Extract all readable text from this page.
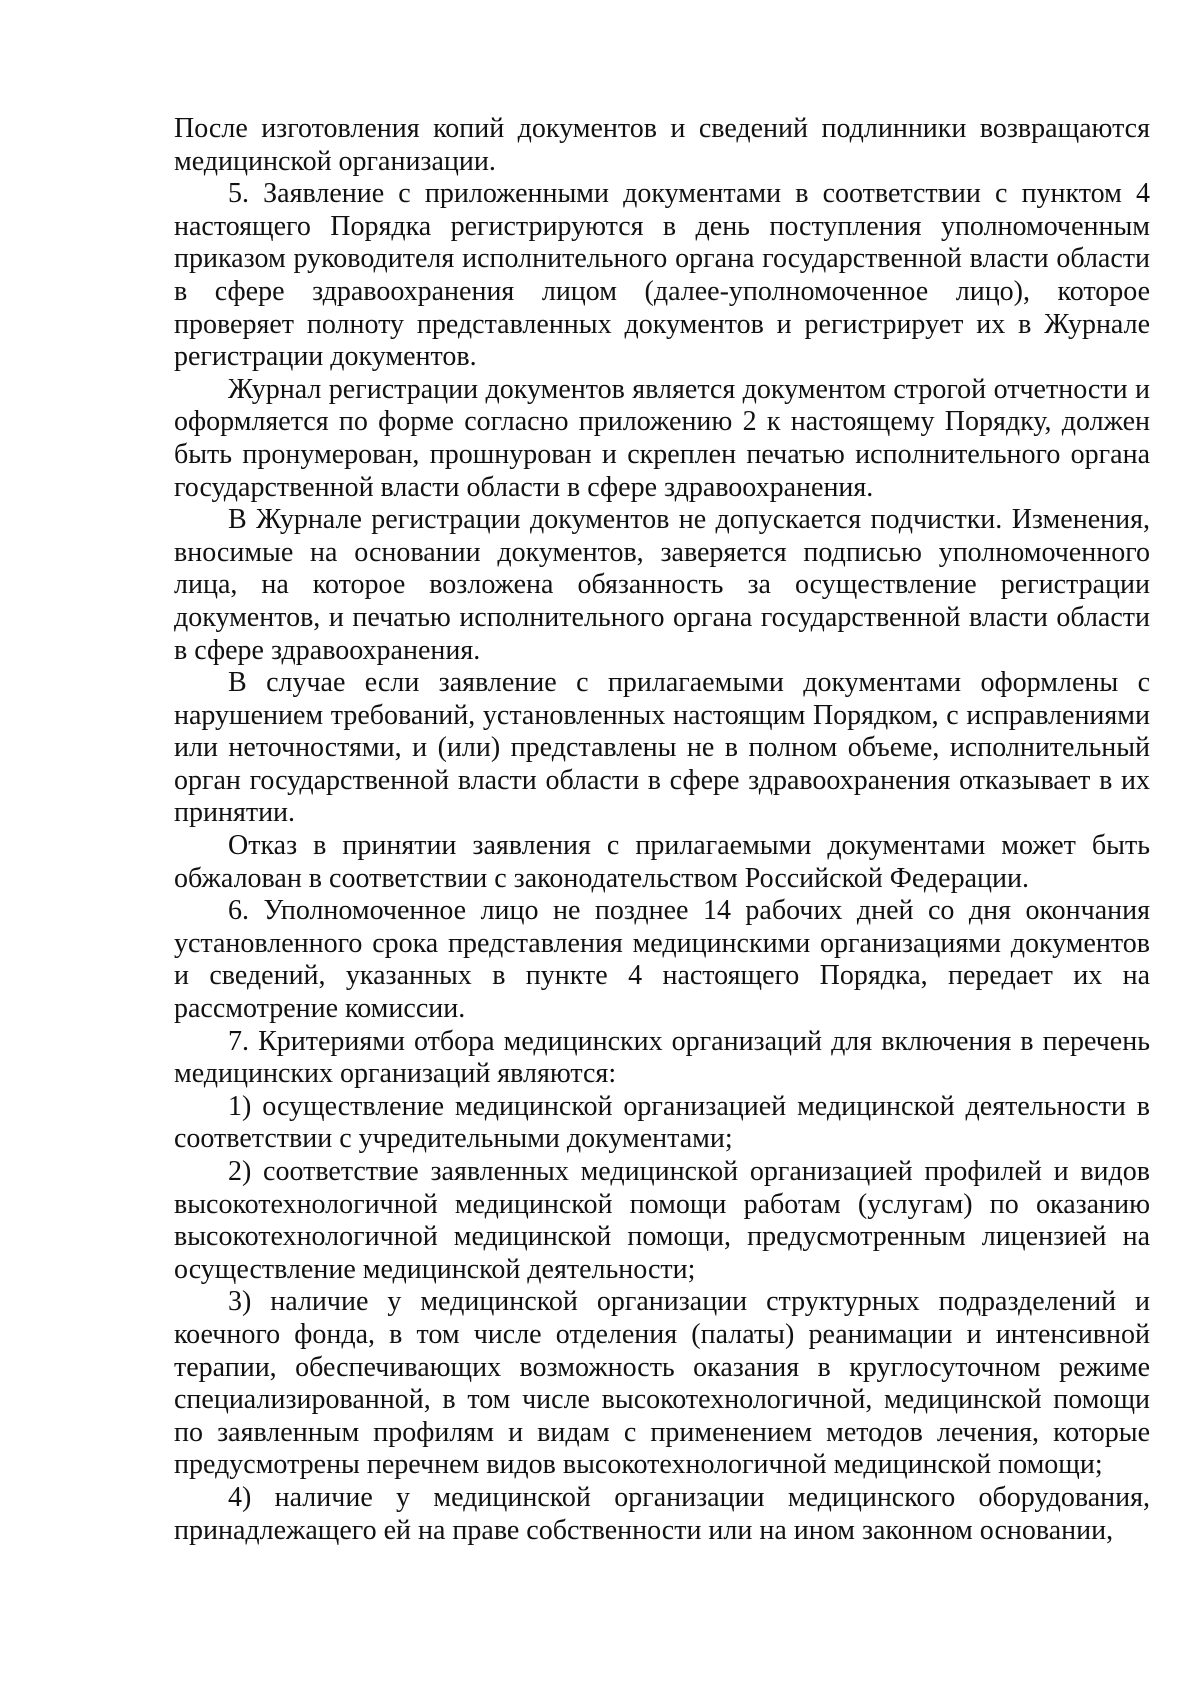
После изготовления копий документов и сведений подлинники возвращаются медицинской организации.

5. Заявление с приложенными документами в соответствии с пунктом 4 настоящего Порядка регистрируются в день поступления уполномоченным приказом руководителя исполнительного органа государственной власти области в сфере здравоохранения лицом (далее-уполномоченное лицо), которое проверяет полноту представленных документов и регистрирует их в Журнале регистрации документов.

Журнал регистрации документов является документом строгой отчетности и оформляется по форме согласно приложению 2 к настоящему Порядку, должен быть пронумерован, прошнурован и скреплен печатью исполнительного органа государственной власти области в сфере здравоохранения.

В Журнале регистрации документов не допускается подчистки. Изменения, вносимые на основании документов, заверяется подписью уполномоченного лица, на которое возложена обязанность за осуществление регистрации документов, и печатью исполнительного органа государственной власти области в сфере здравоохранения.

В случае если заявление с прилагаемыми документами оформлены с нарушением требований, установленных настоящим Порядком, с исправлениями или неточностями, и (или) представлены не в полном объеме, исполнительный орган государственной власти области в сфере здравоохранения отказывает в их принятии.

Отказ в принятии заявления с прилагаемыми документами может быть обжалован в соответствии с законодательством Российской Федерации.

6. Уполномоченное лицо не позднее 14 рабочих дней со дня окончания установленного срока представления медицинскими организациями документов и сведений, указанных в пункте 4 настоящего Порядка, передает их на рассмотрение комиссии.

7. Критериями отбора медицинских организаций для включения в перечень медицинских организаций являются:

1) осуществление медицинской организацией медицинской деятельности в соответствии с учредительными документами;

2) соответствие заявленных медицинской организацией профилей и видов высокотехнологичной медицинской помощи работам (услугам) по оказанию высокотехнологичной медицинской помощи, предусмотренным лицензией на осуществление медицинской деятельности;

3) наличие у медицинской организации структурных подразделений и коечного фонда, в том числе отделения (палаты) реанимации и интенсивной терапии, обеспечивающих возможность оказания в круглосуточном режиме специализированной, в том числе высокотехнологичной, медицинской помощи по заявленным профилям и видам с применением методов лечения, которые предусмотрены перечнем видов высокотехнологичной медицинской помощи;

4) наличие у медицинской организации медицинского оборудования, принадлежащего ей на праве собственности или на ином законном основании,
